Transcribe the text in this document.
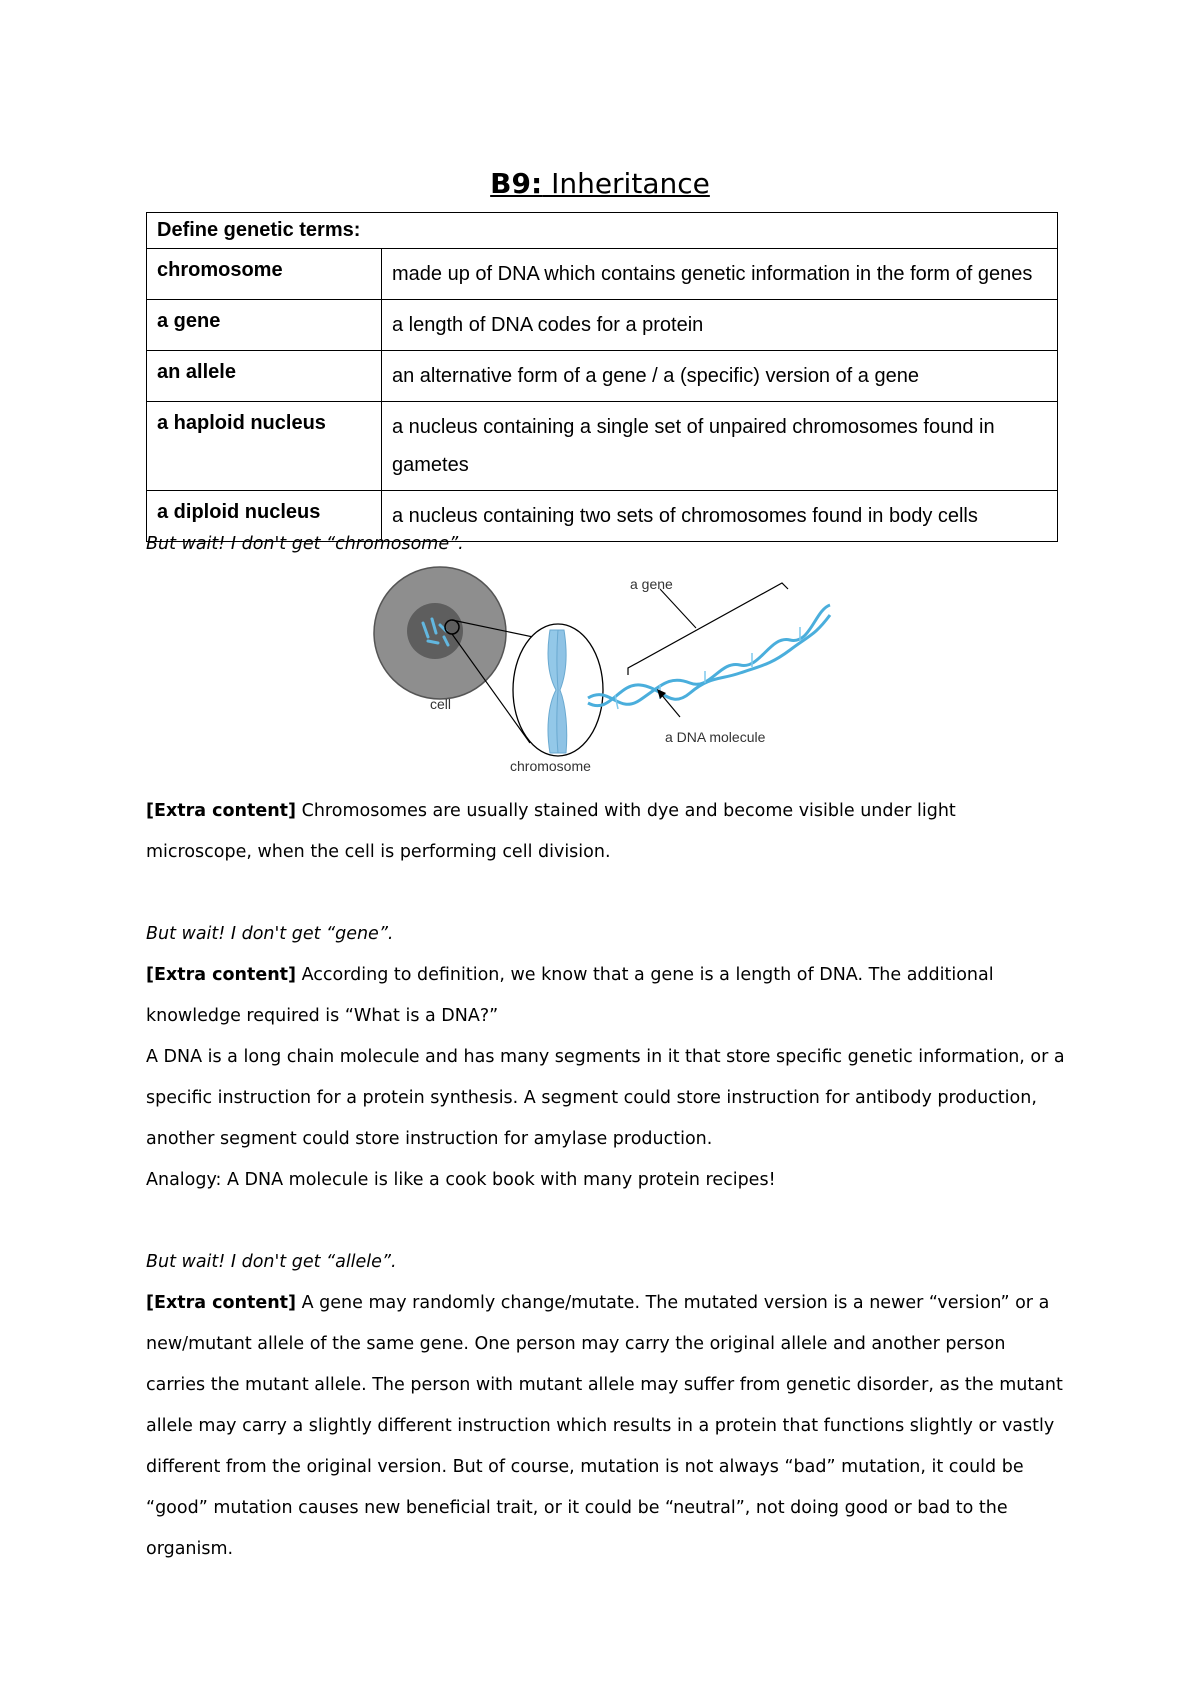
B9: Inheritance
Define genetic terms:	
chromosome	made up of DNA which contains genetic information in the form of genes
a gene	a length of DNA codes for a protein
an allele	an alternative form of a gene / a (specific) version of a gene
a haploid nucleus	a nucleus containing a single set of unpaired chromosomes found in gametes
a diploid nucleus	a nucleus containing two sets of chromosomes found in body cells

But wait! I don't get “chromosome”.

cell
chromosome
a gene
a DNA molecule

[Extra content] Chromosomes are usually stained with dye and become visible under light microscope, when the cell is performing cell division.

But wait! I don't get “gene”.

[Extra content] According to definition, we know that a gene is a length of DNA. The additional knowledge required is “What is a DNA?”

A DNA is a long chain molecule and has many segments in it that store specific genetic information, or a specific instruction for a protein synthesis. A segment could store instruction for antibody production, another segment could store instruction for amylase production.

Analogy: A DNA molecule is like a cook book with many protein recipes!

But wait! I don't get “allele”.

[Extra content] A gene may randomly change/mutate. The mutated version is a newer “version” or a new/mutant allele of the same gene. One person may carry the original allele and another person carries the mutant allele. The person with mutant allele may suffer from genetic disorder, as the mutant allele may carry a slightly different instruction which results in a protein that functions slightly or vastly different from the original version. But of course, mutation is not always “bad” mutation, it could be “good” mutation causes new beneficial trait, or it could be “neutral”, not doing good or bad to the organism.
